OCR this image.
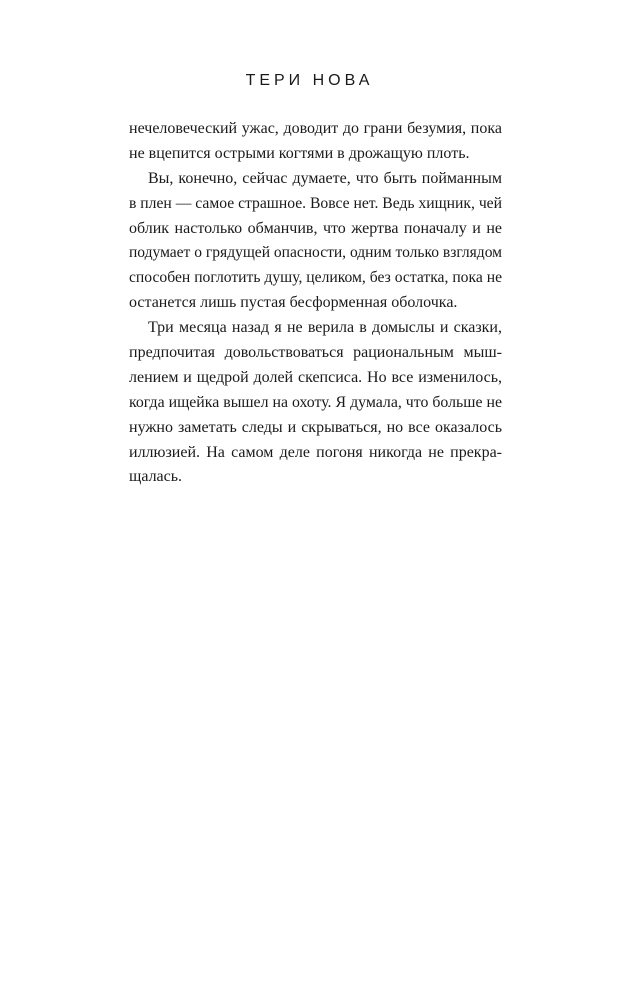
ТЕРИ НОВА
нечеловеческий ужас, доводит до грани безумия, пока
не вцепится острыми когтями в дрожащую плоть.
Вы, конечно, сейчас думаете, что быть пойманным
в плен — самое страшное. Вовсе нет. Ведь хищник, чей
облик настолько обманчив, что жертва поначалу и не
подумает о грядущей опасности, одним только взглядом
способен поглотить душу, целиком, без остатка, пока не
останется лишь пустая бесформенная оболочка.
Три месяца назад я не верила в домыслы и сказки,
предпочитая довольствоваться рациональным мыш-
лением и щедрой долей скепсиса. Но все изменилось,
когда ищейка вышел на охоту. Я думала, что больше не
нужно заметать следы и скрываться, но все оказалось
иллюзией. На самом деле погоня никогда не прекра-
щалась.
